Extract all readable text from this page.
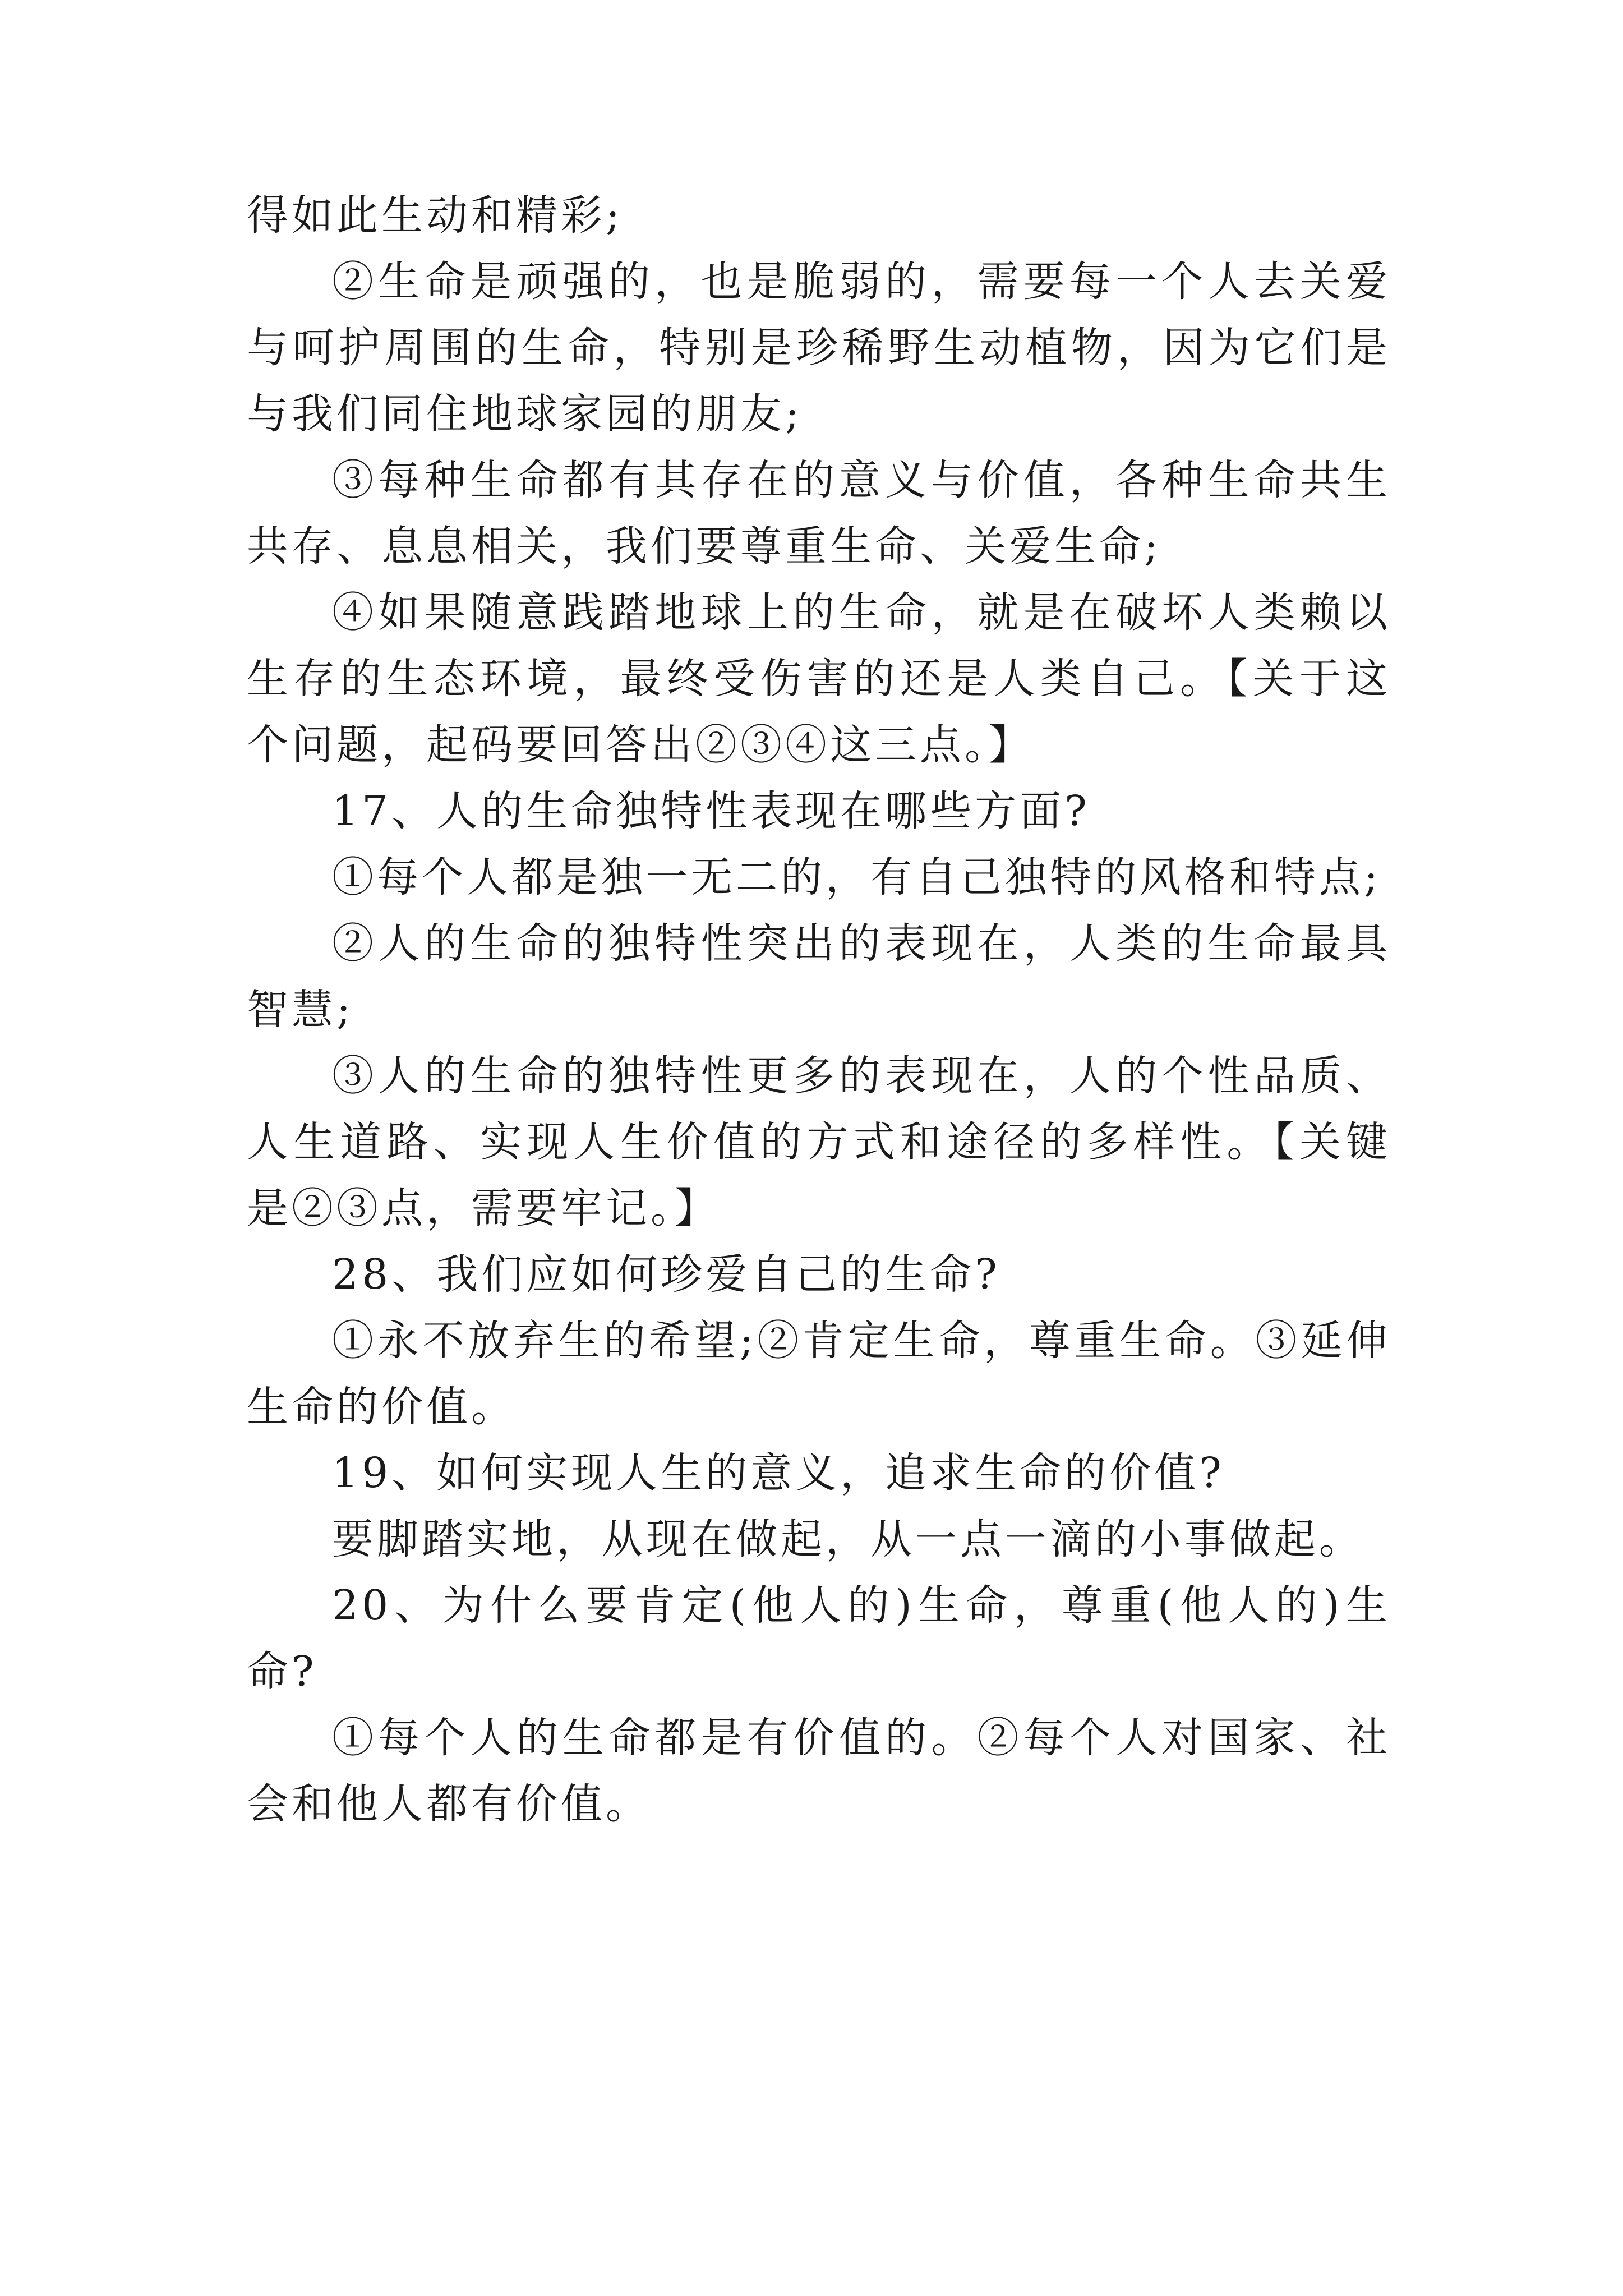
得如此生动和精彩;

②生命是顽强的，也是脆弱的，需要每一个人去关爱与呵护周围的生命，特别是珍稀野生动植物，因为它们是与我们同住地球家园的朋友;

③每种生命都有其存在的意义与价值，各种生命共生共存、息息相关，我们要尊重生命、关爱生命;

④如果随意践踏地球上的生命，就是在破坏人类赖以生存的生态环境，最终受伤害的还是人类自己。【关于这个问题，起码要回答出②③④这三点。】

17、人的生命独特性表现在哪些方面?

①每个人都是独一无二的，有自己独特的风格和特点;

②人的生命的独特性突出的表现在，人类的生命最具智慧;

③人的生命的独特性更多的表现在，人的个性品质、人生道路、实现人生价值的方式和途径的多样性。【关键是②③点，需要牢记。】

28、我们应如何珍爱自己的生命?

①永不放弃生的希望;②肯定生命，尊重生命。③延伸生命的价值。

19、如何实现人生的意义，追求生命的价值?

要脚踏实地，从现在做起，从一点一滴的小事做起。

20、为什么要肯定(他人的)生命，尊重(他人的)生命?

①每个人的生命都是有价值的。②每个人对国家、社会和他人都有价值。
